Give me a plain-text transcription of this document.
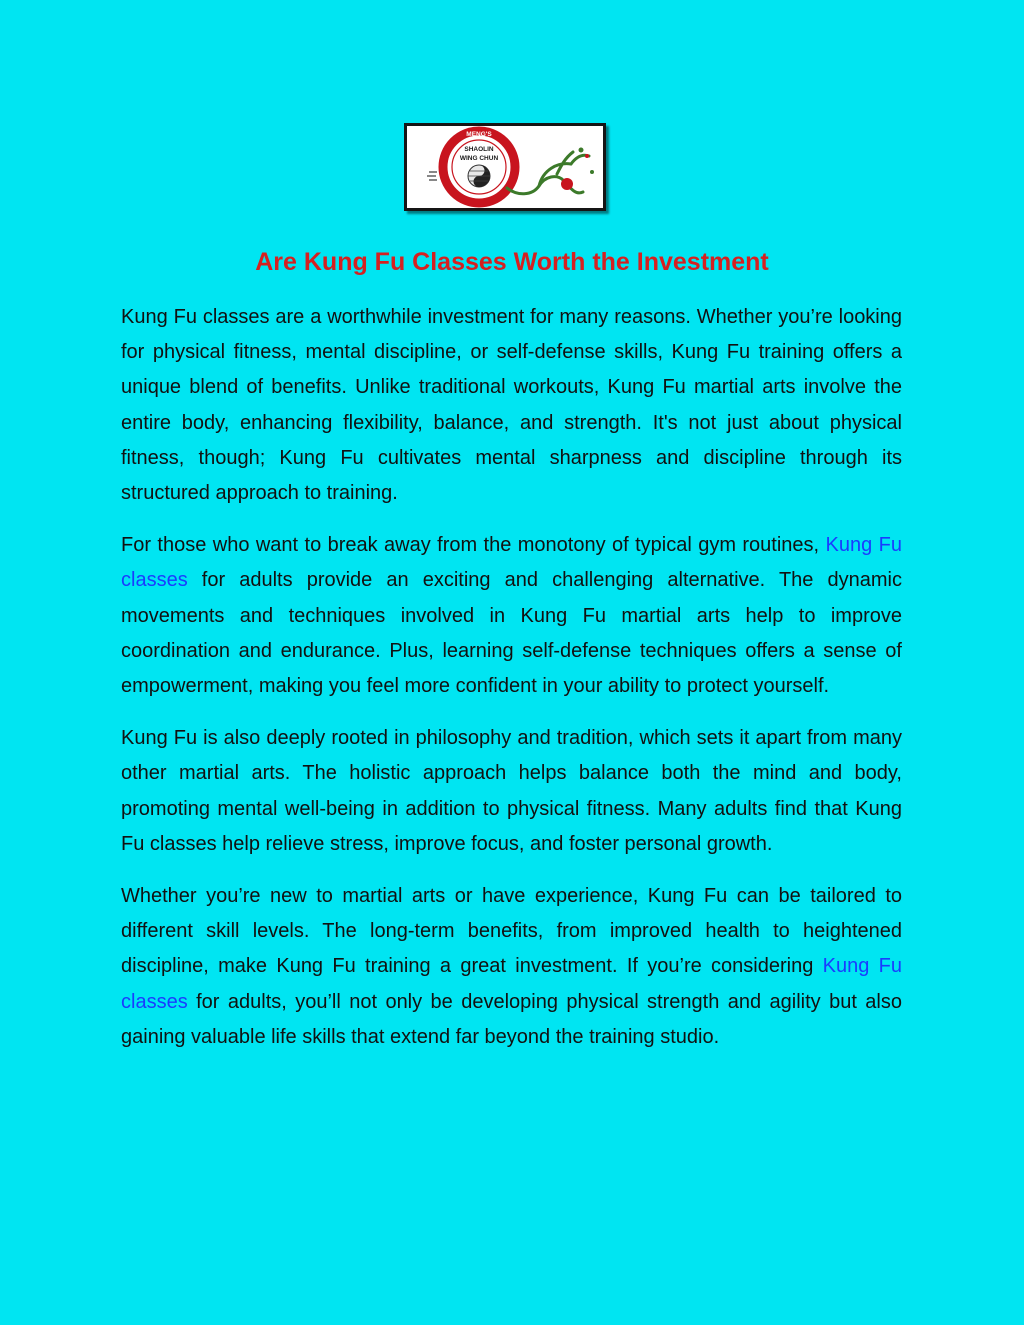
MENG'S
SHAOLIN
WING CHUN
Are Kung Fu Classes Worth the Investment

Kung Fu classes are a worthwhile investment for many reasons. Whether you’re looking for physical fitness, mental discipline, or self-defense skills, Kung Fu training offers a unique blend of benefits. Unlike traditional workouts, Kung Fu martial arts involve the entire body, enhancing flexibility, balance, and strength. It's not just about physical fitness, though; Kung Fu cultivates mental sharpness and discipline through its structured approach to training.

For those who want to break away from the monotony of typical gym routines, Kung Fu classes for adults provide an exciting and challenging alternative. The dynamic movements and techniques involved in Kung Fu martial arts help to improve coordination and endurance. Plus, learning self-defense techniques offers a sense of empowerment, making you feel more confident in your ability to protect yourself.

Kung Fu is also deeply rooted in philosophy and tradition, which sets it apart from many other martial arts. The holistic approach helps balance both the mind and body, promoting mental well-being in addition to physical fitness. Many adults find that Kung Fu classes help relieve stress, improve focus, and foster personal growth.

Whether you’re new to martial arts or have experience, Kung Fu can be tailored to different skill levels. The long-term benefits, from improved health to heightened discipline, make Kung Fu training a great investment. If you’re considering Kung Fu classes for adults, you’ll not only be developing physical strength and agility but also gaining valuable life skills that extend far beyond the training studio.
